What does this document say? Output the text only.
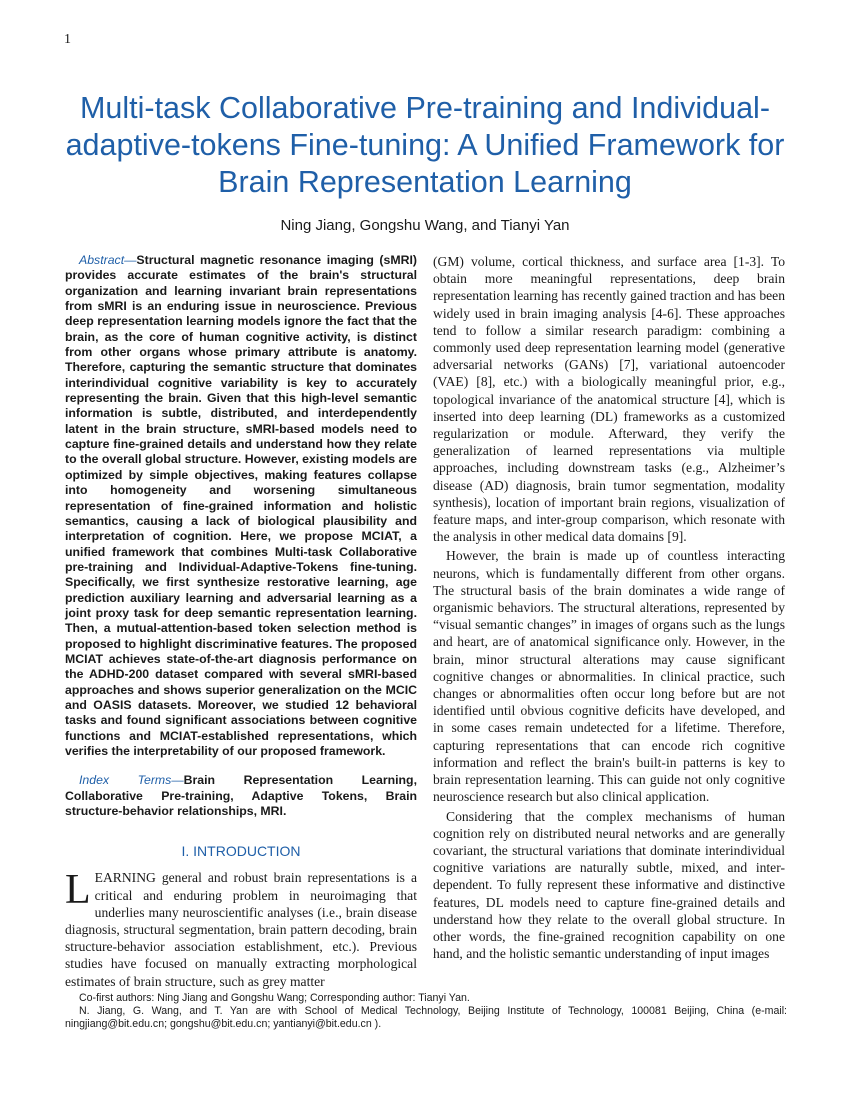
1
Multi-task Collaborative Pre-training and Individual-adaptive-tokens Fine-tuning: A Unified Framework for Brain Representation Learning
Ning Jiang, Gongshu Wang, and Tianyi Yan

Abstract—Structural magnetic resonance imaging (sMRI) provides accurate estimates of the brain's structural organization and learning invariant brain representations from sMRI is an enduring issue in neuroscience. Previous deep representation learning models ignore the fact that the brain, as the core of human cognitive activity, is distinct from other organs whose primary attribute is anatomy. Therefore, capturing the semantic structure that dominates interindividual cognitive variability is key to accurately representing the brain. Given that this high-level semantic information is subtle, distributed, and interdependently latent in the brain structure, sMRI-based models need to capture fine-grained details and understand how they relate to the overall global structure. However, existing models are optimized by simple objectives, making features collapse into homogeneity and worsening simultaneous representation of fine-grained information and holistic semantics, causing a lack of biological plausibility and interpretation of cognition. Here, we propose MCIAT, a unified framework that combines Multi-task Collaborative pre-training and Individual-Adaptive-Tokens fine-tuning. Specifically, we first synthesize restorative learning, age prediction auxiliary learning and adversarial learning as a joint proxy task for deep semantic representation learning. Then, a mutual-attention-based token selection method is proposed to highlight discriminative features. The proposed MCIAT achieves state-of-the-art diagnosis performance on the ADHD-200 dataset compared with several sMRI-based approaches and shows superior generalization on the MCIC and OASIS datasets. Moreover, we studied 12 behavioral tasks and found significant associations between cognitive functions and MCIAT-established representations, which verifies the interpretability of our proposed framework.

Index Terms—Brain Representation Learning, Collaborative Pre-training, Adaptive Tokens, Brain structure-behavior relationships, MRI.

I. INTRODUCTION

LEARNING general and robust brain representations is a critical and enduring problem in neuroimaging that underlies many neuroscientific analyses (i.e., brain disease diagnosis, structural segmentation, brain pattern decoding, brain structure-behavior association establishment, etc.). Previous studies have focused on manually extracting morphological estimates of brain structure, such as grey matter

(GM) volume, cortical thickness, and surface area [1-3]. To obtain more meaningful representations, deep brain representation learning has recently gained traction and has been widely used in brain imaging analysis [4-6]. These approaches tend to follow a similar research paradigm: combining a commonly used deep representation learning model (generative adversarial networks (GANs) [7], variational autoencoder (VAE) [8], etc.) with a biologically meaningful prior, e.g., topological invariance of the anatomical structure [4], which is inserted into deep learning (DL) frameworks as a customized regularization or module. Afterward, they verify the generalization of learned representations via multiple approaches, including downstream tasks (e.g., Alzheimer’s disease (AD) diagnosis, brain tumor segmentation, modality synthesis), location of important brain regions, visualization of feature maps, and inter-group comparison, which resonate with the analysis in other medical data domains [9].

However, the brain is made up of countless interacting neurons, which is fundamentally different from other organs. The structural basis of the brain dominates a wide range of organismic behaviors. The structural alterations, represented by “visual semantic changes” in images of organs such as the lungs and heart, are of anatomical significance only. However, in the brain, minor structural alterations may cause significant cognitive changes or abnormalities. In clinical practice, such changes or abnormalities often occur long before but are not identified until obvious cognitive deficits have developed, and in some cases remain undetected for a lifetime. Therefore, capturing representations that can encode rich cognitive information and reflect the brain's built-in patterns is key to brain representation learning. This can guide not only cognitive neuroscience research but also clinical application.

Considering that the complex mechanisms of human cognition rely on distributed neural networks and are generally covariant, the structural variations that dominate interindividual cognitive variations are naturally subtle, mixed, and inter-dependent. To fully represent these informative and distinctive features, DL models need to capture fine-grained details and understand how they relate to the overall global structure. In other words, the fine-grained recognition capability on one hand, and the holistic semantic understanding of input images

Co-first authors: Ning Jiang and Gongshu Wang; Corresponding author: Tianyi Yan.

N. Jiang, G. Wang, and T. Yan are with School of Medical Technology, Beijing Institute of Technology, 100081 Beijing, China (e-mail: ningjiang@bit.edu.cn; gongshu@bit.edu.cn; yantianyi@bit.edu.cn ).
